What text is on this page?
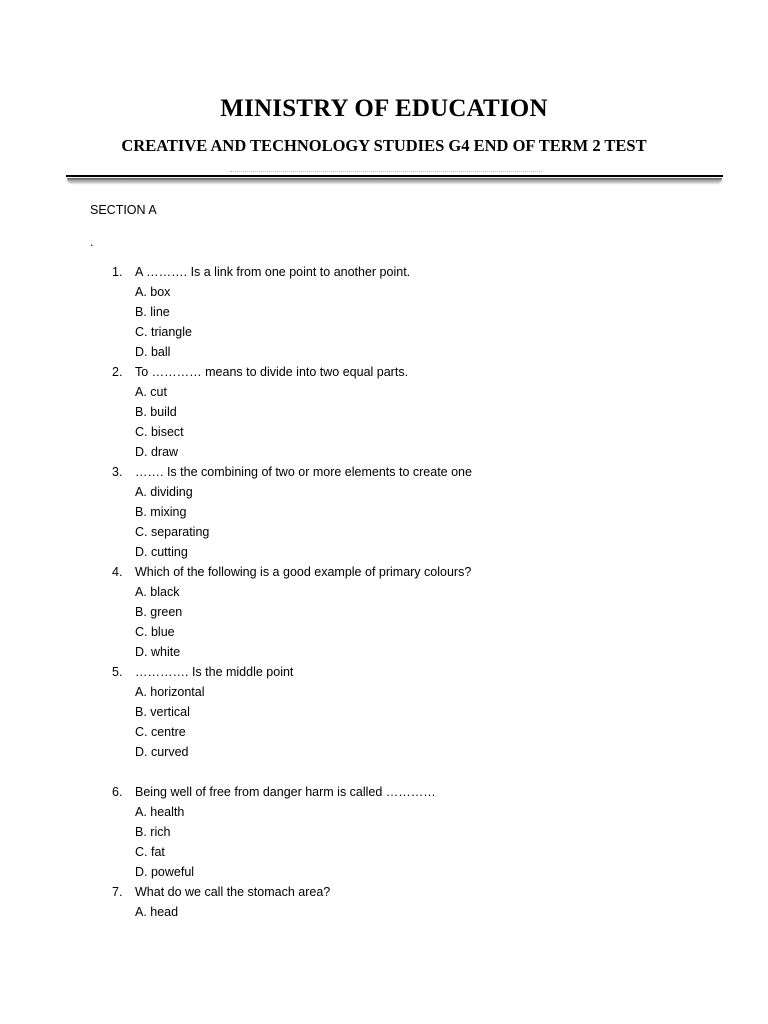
MINISTRY OF EDUCATION
CREATIVE AND TECHNOLOGY STUDIES G4 END OF TERM 2 TEST
SECTION A
.
1.	A ………. Is a link from one point to another point.
A. box
B. line
C. triangle
D. ball
2.	To ………… means to divide into two equal parts.
A. cut
B. build
C. bisect
D. draw
3.	……. Is the combining of two or more elements to create one
A. dividing
B. mixing
C. separating
D. cutting
4.	Which of the following is a good example of primary colours?
A. black
B. green
C. blue
D. white
5.	…………. Is the middle point
A. horizontal
B. vertical
C. centre
D. curved
6.	Being well of free from danger harm is called …………
A. health
B. rich
C. fat
D. poweful
7.	What do we call the stomach area?
A. head
